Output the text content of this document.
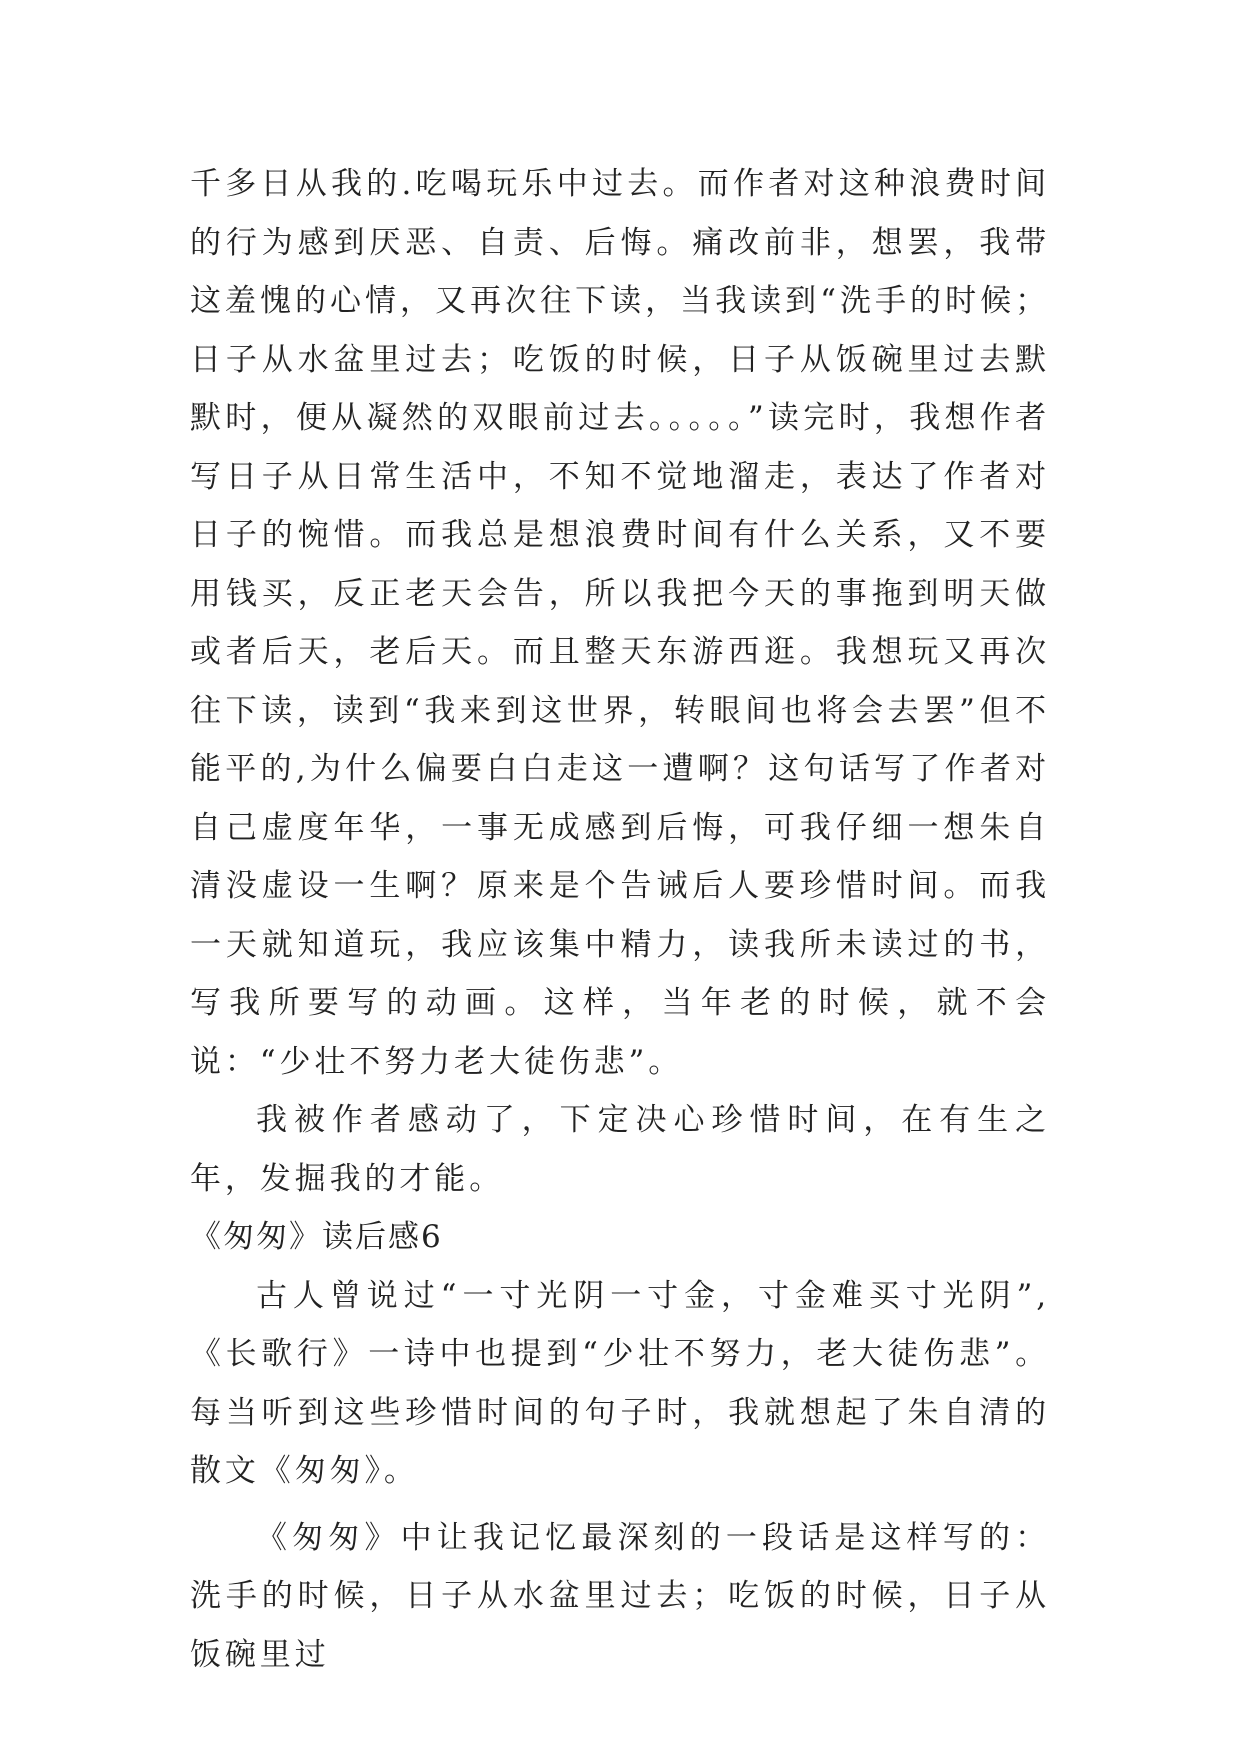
千多日从我的.吃喝玩乐中过去。而作者对这种浪费时间的行为感到厌恶、自责、后悔。痛改前非，想罢，我带这羞愧的心情，又再次往下读，当我读到“洗手的时候；日子从水盆里过去；吃饭的时候，日子从饭碗里过去默默时，便从凝然的双眼前过去。。。。。”读完时，我想作者写日子从日常生活中，不知不觉地溜走，表达了作者对日子的惋惜。而我总是想浪费时间有什么关系，又不要用钱买，反正老天会告，所以我把今天的事拖到明天做或者后天，老后天。而且整天东游西逛。我想玩又再次往下读，读到“我来到这世界，转眼间也将会去罢”但不能平的,为什么偏要白白走这一遭啊？这句话写了作者对自己虚度年华，一事无成感到后悔，可我仔细一想朱自清没虚设一生啊？原来是个告诫后人要珍惜时间。而我一天就知道玩，我应该集中精力，读我所未读过的书，写我所要写的动画。这样，当年老的时候，就不会说：“少壮不努力老大徒伤悲”。

我被作者感动了，下定决心珍惜时间，在有生之年，发掘我的才能。

《匆匆》读后感6

古人曾说过“一寸光阴一寸金，寸金难买寸光阴”,《长歌行》一诗中也提到“少壮不努力，老大徒伤悲”。每当听到这些珍惜时间的句子时，我就想起了朱自清的散文《匆匆》。

《匆匆》中让我记忆最深刻的一段话是这样写的：洗手的时候，日子从水盆里过去；吃饭的时候，日子从饭碗里过
